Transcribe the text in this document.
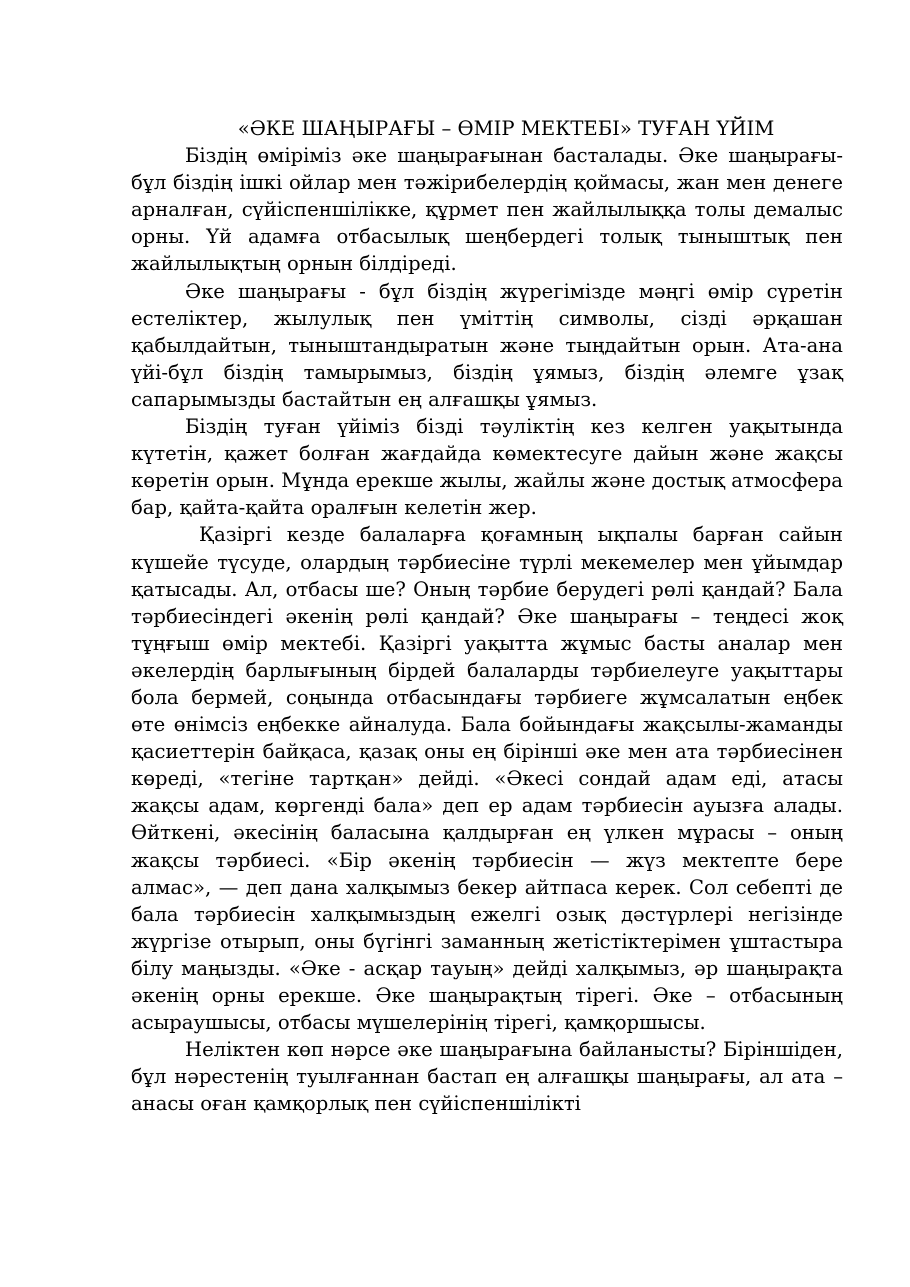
«ӘКЕ ШАҢЫРАҒЫ – ӨМІР МЕКТЕБІ» ТУҒАН ҮЙІМ

Біздің өміріміз әке шаңырағынан басталады. Әке шаңырағы-бұл біздің ішкі ойлар мен тәжірибелердің қоймасы, жан мен денеге арналған, сүйіспеншілікке, құрмет пен жайлылыққа толы демалыс орны. Үй адамға отбасылық шеңбердегі толық тыныштық пен жайлылықтың орнын білдіреді.

Әке шаңырағы - бұл біздің жүрегімізде мәңгі өмір сүретін естеліктер, жылулық пен үміттің символы, сізді әрқашан қабылдайтын, тыныштандыратын және тыңдайтын орын. Ата-ана үйі-бұл біздің тамырымыз, біздің ұямыз, біздің әлемге ұзақ сапарымызды бастайтын ең алғашқы ұямыз.

Біздің туған үйіміз бізді тәуліктің кез келген уақытында күтетін, қажет болған жағдайда көмектесуге дайын және жақсы көретін орын. Мұнда ерекше жылы, жайлы және достық атмосфера бар, қайта-қайта оралғын келетін жер.

Қазіргі кезде балаларға қоғамның ықпалы барған сайын күшейе түсуде, олардың тәрбиесіне түрлі мекемелер мен ұйымдар қатысады. Ал, отбасы ше? Оның тәрбие берудегі рөлі қандай? Бала тәрбиесіндегі әкенің рөлі қандай? Әке шаңырағы – теңдесі жоқ тұңғыш өмір мектебі. Қазіргі уақытта жұмыс басты аналар мен әкелердің барлығының бірдей балаларды тәрбиелеуге уақыттары бола бермей, соңында отбасындағы тәрбиеге жұмсалатын еңбек өте өнімсіз еңбекке айналуда. Бала бойындағы жақсылы-жаманды қасиеттерін байқаса, қазақ оны ең бірінші әке мен ата тәрбиесінен көреді, «тегіне тартқан» дейді. «Әкесі сондай адам еді, атасы жақсы адам, көргенді бала» деп ер адам тәрбиесін ауызға алады. Өйткені, әкесінің баласына қалдырған ең үлкен мұрасы – оның жақсы тәрбиесі. «Бір әкенің тәрбиесін — жүз мектепте бере алмас», — деп дана халқымыз бекер айтпаса керек. Сол себепті де бала тәрбиесін халқымыздың ежелгі озық дәстүрлері негізінде жүргізе отырып, оны бүгінгі заманның жетістіктерімен ұштастыра білу маңызды. «Әке - асқар тауың» дейді халқымыз, әр шаңырақта әкенің орны ерекше. Әке шаңырақтың тірегі. Әке – отбасының асыраушысы, отбасы мүшелерінің тірегі, қамқоршысы.

Неліктен көп нәрсе әке шаңырағына байланысты? Біріншіден, бұл нәрестенің туылғаннан бастап ең алғашқы шаңырағы, ал ата – анасы оған қамқорлық пен сүйіспеншілікті
